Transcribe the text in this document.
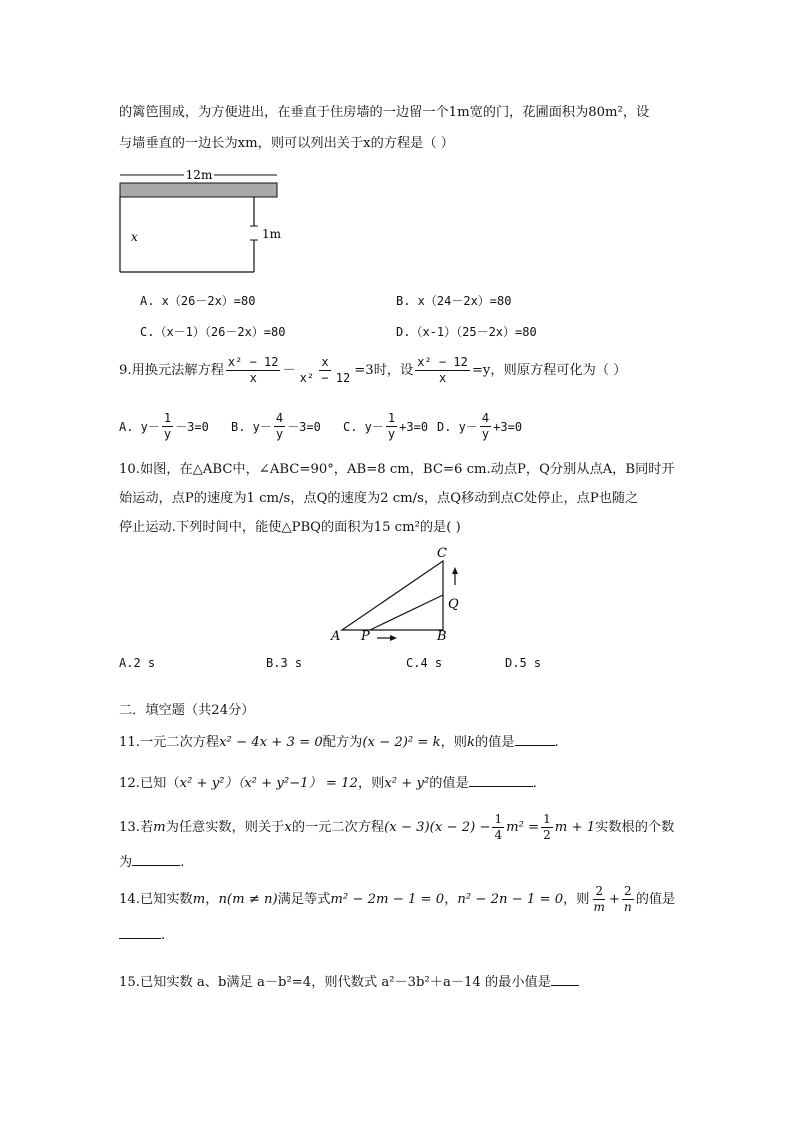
的篱笆围成，为方便进出，在垂直于住房墙的一边留一个1m宽的门，花圃面积为80m²，设
与墙垂直的一边长为xm，则可以列出关于x的方程是（ ）
12m
1m
x
A. x（26－2x）=80	B. x（24－2x）=80
C.（x－1）（26－2x）=80	D.（x-1）（25－2x）=80
9.用换元法解方程 $\frac{\text{x² − 12}}{x} - \frac{x}{\text{x² − 12}} =3$时，设 $\frac{\text{x² − 12}}{x} =y$，则原方程可化为（ ）
A. $y- \frac{1}{y} -3=0$ B. $y- \frac{4}{y} -3=0$ C. $y- \frac{1}{y} +3=0$ D. $y- \frac{4}{y} +3=0$
10.如图，在△ABC中，∠ABC=90°，AB=8 cm，BC=6 cm.动点P，Q分别从点A，B同时开
始运动，点P的速度为1 cm/s，点Q的速度为2 cm/s，点Q移动到点C处停止，点P也随之
停止运动.下列时间中，能使△PBQ的面积为15 cm²的是( )
A	B
C
P
Q
A.2 s	B.3 s	C.4 s	D.5 s
二．填空题（共24分）
11.一元二次方程x² − 4x + 3 = 0配方为(x − 2)² = k，则k的值是	.
12.已知（x² + y²）（x² + y²−1） = 12，则x² + y²的值是	.
13.若 m 为任意实数，则关于 x 的一元二次方程 $(x - 3)(x - 2) - \frac{1}{4} m^2 = \frac{1}{2}$ m + 1 实数根的个数
为	.
14.已知实数 m ， n(m ≠ n) 满足等式 m² − 2m − 1 = 0 ， n² − 2n − 1 = 0 ，则 $\frac{2}{m} + \frac{2}{n}$ 的值是
.
15.已知实数 a、b满足 a－b²=4，则代数式 a²－3b²＋a－14 的最小值是
